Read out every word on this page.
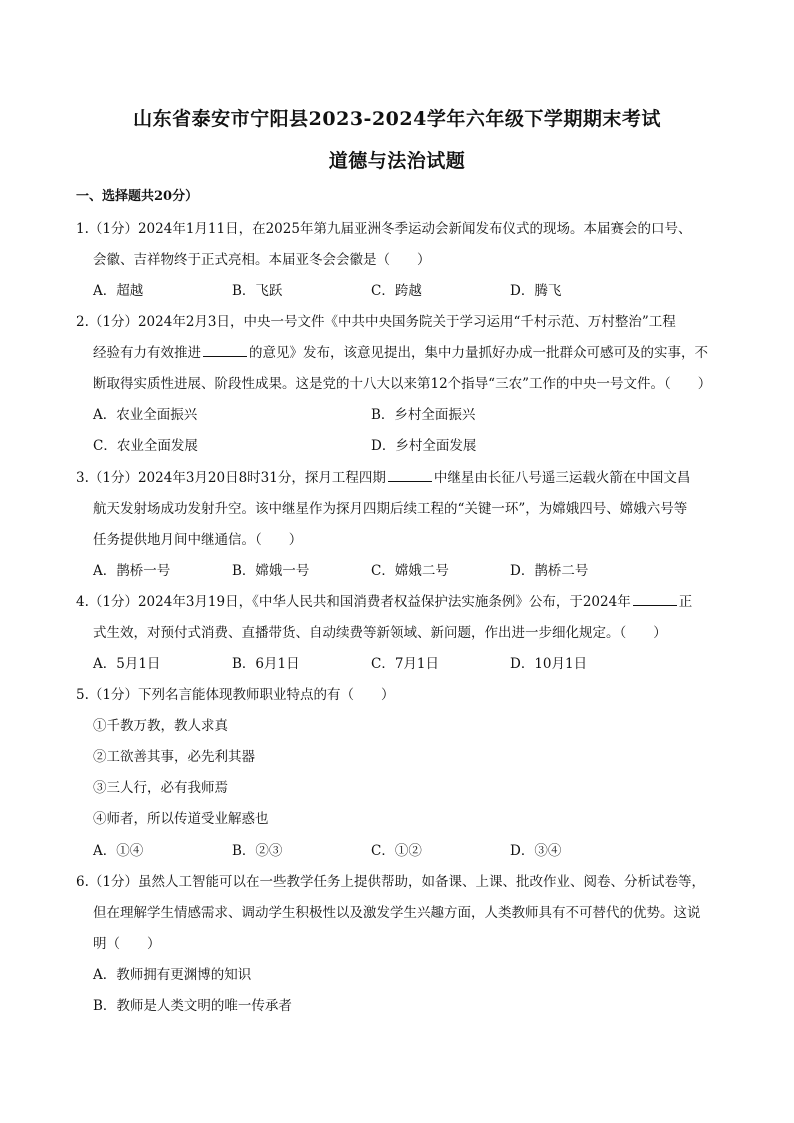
山东省泰安市宁阳县2023-2024学年六年级下学期期末考试
道德与法治试题
一、选择题共20分）
1.（1分）2024年1月11日，在2025年第九届亚洲冬季运动会新闻发布仪式的现场。本届赛会的口号、
会徽、吉祥物终于正式亮相。本届亚冬会会徽是（　　）
A．超越	B．飞跃	C．跨越	D．腾飞
2.（1分）2024年2月3日，中央一号文件《中共中央国务院关于学习运用“千村示范、万村整治”工程
经验有力有效推进	的意见》发布，该意见提出，集中力量抓好办成一批群众可感可及的实事，不
断取得实质性进展、阶段性成果。这是党的十八大以来第12个指导“三农”工作的中央一号文件。（　　）
A．农业全面振兴	B．乡村全面振兴
C．农业全面发展	D．乡村全面发展
3.（1分）2024年3月20日8时31分，探月工程四期	中继星由长征八号遥三运载火箭在中国文昌
航天发射场成功发射升空。该中继星作为探月四期后续工程的“关键一环”，为嫦娥四号、嫦娥六号等
任务提供地月间中继通信。（　　）
A．鹊桥一号	B．嫦娥一号	C．嫦娥二号	D．鹊桥二号
4.（1分）2024年3月19日，《中华人民共和国消费者权益保护法实施条例》公布，于2024年	正
式生效，对预付式消费、直播带货、自动续费等新领域、新问题，作出进一步细化规定。（　　）
A．5月1日	B．6月1日	C．7月1日	D．10月1日
5.（1分）下列名言能体现教师职业特点的有（　　）
①千教万教，教人求真
②工欲善其事，必先利其器
③三人行，必有我师焉
④师者，所以传道受业解惑也
A．①④	B．②③	C．①②	D．③④
6.（1分）虽然人工智能可以在一些教学任务上提供帮助，如备课、上课、批改作业、阅卷、分析试卷等，
但在理解学生情感需求、调动学生积极性以及激发学生兴趣方面，人类教师具有不可替代的优势。这说
明（　　）
A．教师拥有更渊博的知识
B．教师是人类文明的唯一传承者
